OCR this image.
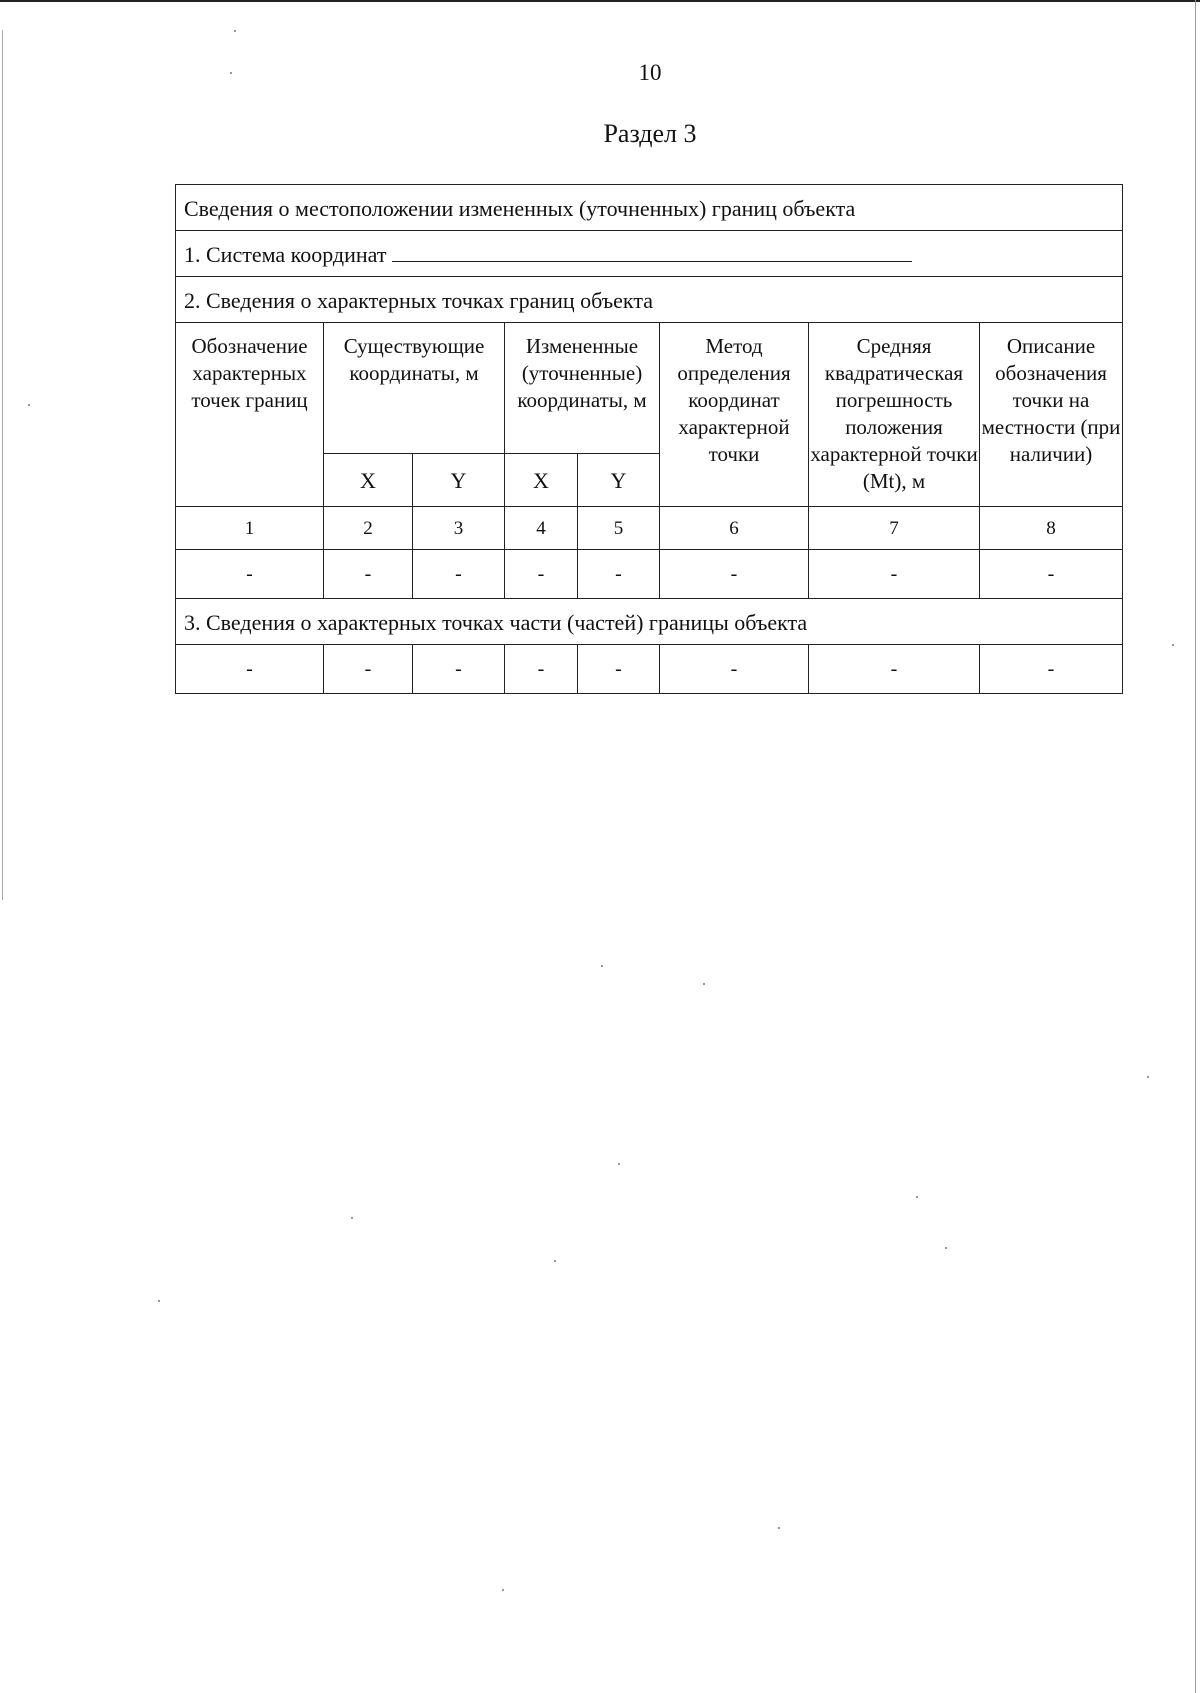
10
Раздел 3
Сведения о местоположении измененных (уточненных) границ объекта							
1. Система координат							
2. Сведения о характерных точках границ объекта							
Обозначение характерных точек границ	Существующие координаты, м		Измененные (уточненные) координаты, м		Метод определения координат характерной точки	Средняя квадратическая погрешность положения характерной точки (Mt), м	Описание обозначения точки на местности (при наличии)
	X	Y	X	Y			
1	2	3	4	5	6	7	8
-	-	-	-	-	-	-	-
3. Сведения о характерных точках части (частей) границы объекта							
-	-	-	-	-	-	-	-
